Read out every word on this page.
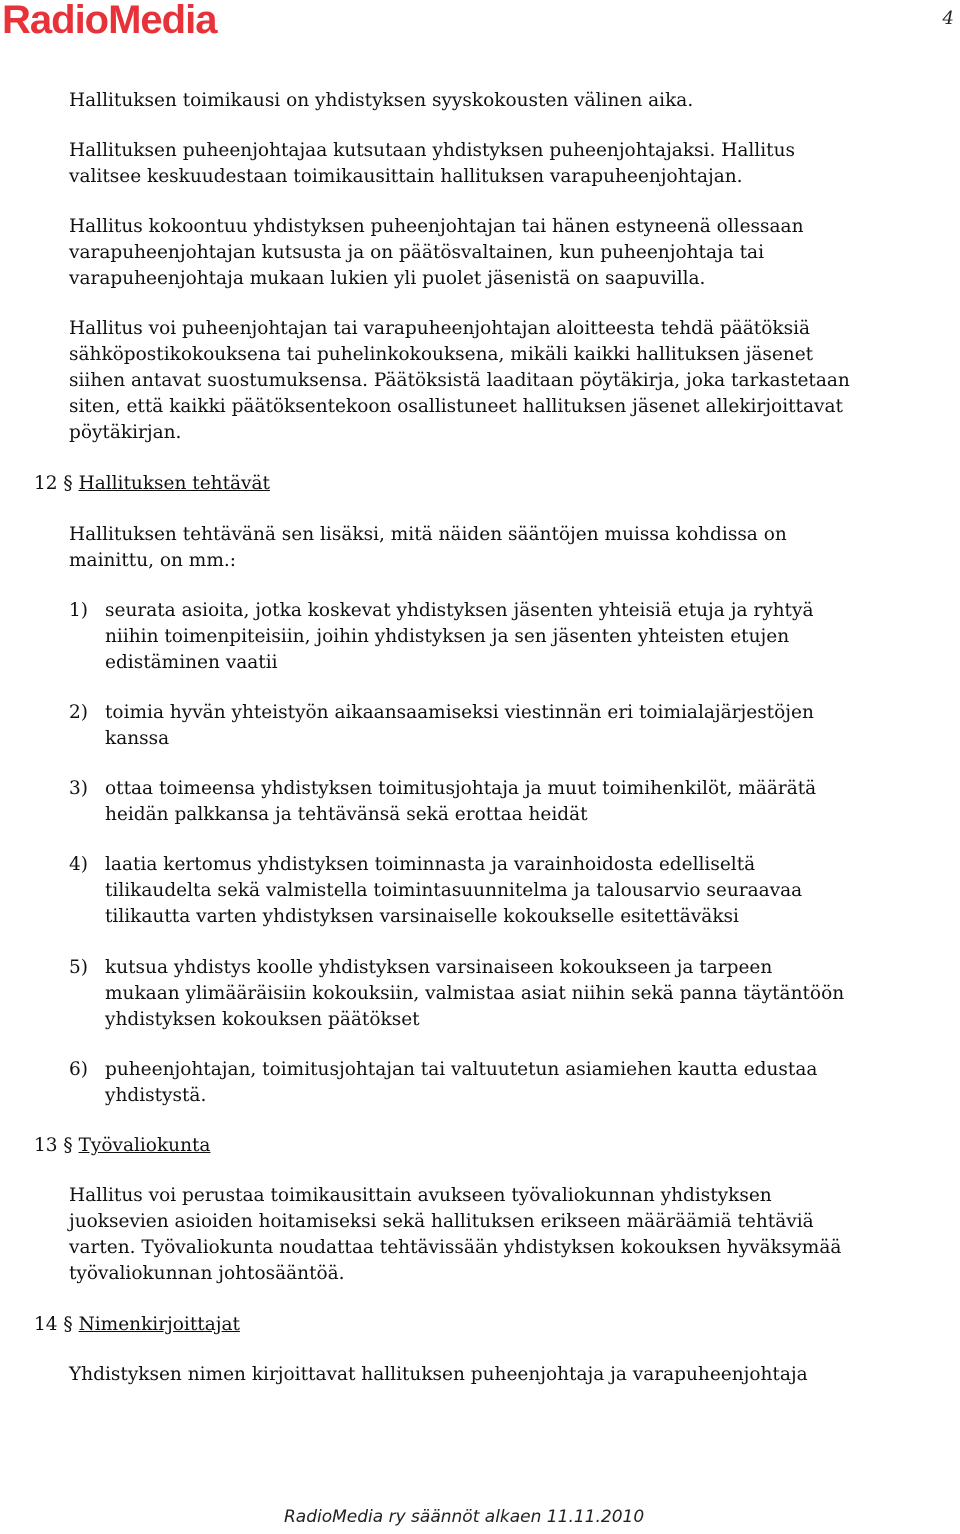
RadioMedia	4
Hallituksen toimikausi on yhdistyksen syyskokousten välinen aika.
Hallituksen puheenjohtajaa kutsutaan yhdistyksen puheenjohtajaksi. Hallitus
valitsee keskuudestaan toimikausittain hallituksen varapuheenjohtajan.
Hallitus kokoontuu yhdistyksen puheenjohtajan tai hänen estyneenä ollessaan
varapuheenjohtajan kutsusta ja on päätösvaltainen, kun puheenjohtaja tai
varapuheenjohtaja mukaan lukien yli puolet jäsenistä on saapuvilla.
Hallitus voi puheenjohtajan tai varapuheenjohtajan aloitteesta tehdä päätöksiä
sähköpostikokouksena tai puhelinkokouksena, mikäli kaikki hallituksen jäsenet
siihen antavat suostumuksensa. Päätöksistä laaditaan pöytäkirja, joka tarkastetaan
siten, että kaikki päätöksentekoon osallistuneet hallituksen jäsenet allekirjoittavat
pöytäkirjan.
12 § Hallituksen tehtävät
Hallituksen tehtävänä sen lisäksi, mitä näiden sääntöjen muissa kohdissa on
mainittu, on mm.:
1) seurata asioita, jotka koskevat yhdistyksen jäsenten yhteisiä etuja ja ryhtyä
niihin toimenpiteisiin, joihin yhdistyksen ja sen jäsenten yhteisten etujen
edistäminen vaatii
2) toimia hyvän yhteistyön aikaansaamiseksi viestinnän eri toimialajärjestöjen
kanssa
3) ottaa toimeensa yhdistyksen toimitusjohtaja ja muut toimihenkilöt, määrätä
heidän palkkansa ja tehtävänsä sekä erottaa heidät
4) laatia kertomus yhdistyksen toiminnasta ja varainhoidosta edelliseltä
tilikaudelta sekä valmistella toimintasuunnitelma ja talousarvio seuraavaa
tilikautta varten yhdistyksen varsinaiselle kokoukselle esitettäväksi
5) kutsua yhdistys koolle yhdistyksen varsinaiseen kokoukseen ja tarpeen
mukaan ylimääräisiin kokouksiin, valmistaa asiat niihin sekä panna täytäntöön
yhdistyksen kokouksen päätökset
6) puheenjohtajan, toimitusjohtajan tai valtuutetun asiamiehen kautta edustaa
yhdistystä.
13 § Työvaliokunta
Hallitus voi perustaa toimikausittain avukseen työvaliokunnan yhdistyksen
juoksevien asioiden hoitamiseksi sekä hallituksen erikseen määräämiä tehtäviä
varten. Työvaliokunta noudattaa tehtävissään yhdistyksen kokouksen hyväksymää
työvaliokunnan johtosääntöä.
14 § Nimenkirjoittajat
Yhdistyksen nimen kirjoittavat hallituksen puheenjohtaja ja varapuheenjohtaja
RadioMedia ry säännöt alkaen 11.11.2010
